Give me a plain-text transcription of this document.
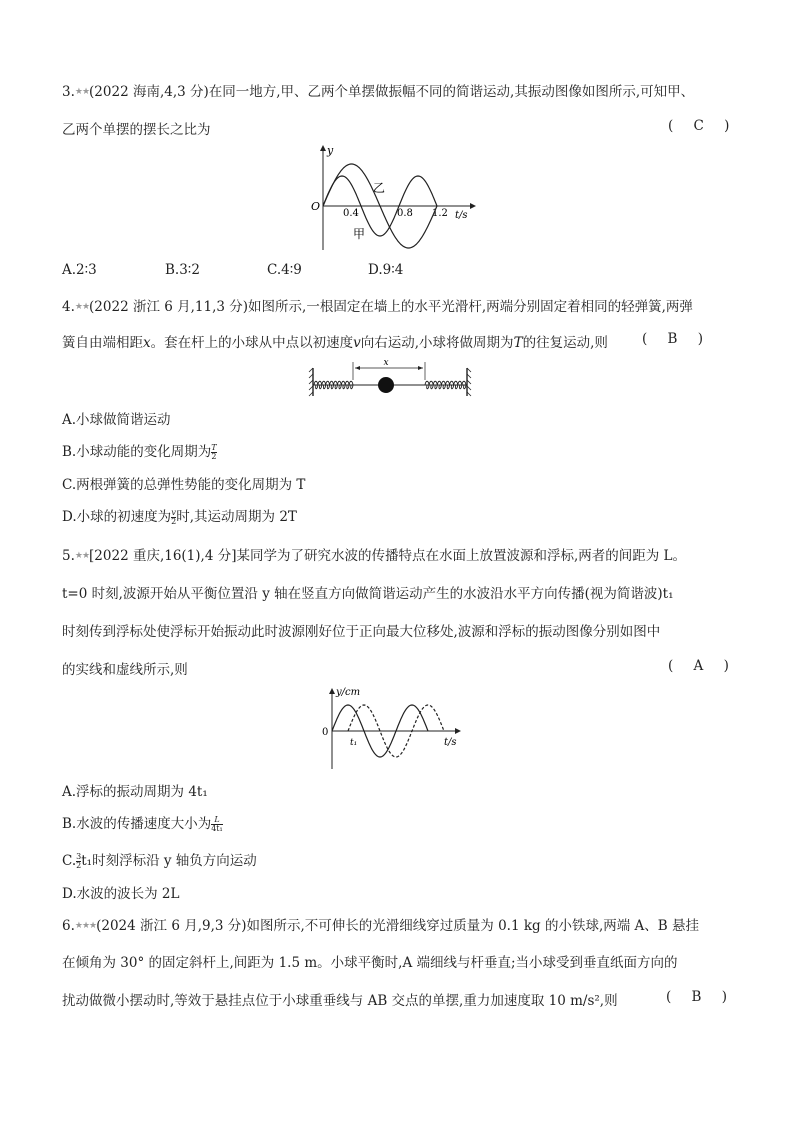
3.★★(2022 海南,4,3 分)在同一地方,甲、乙两个单摆做振幅不同的简谐运动,其振动图像如图所示,可知甲、
乙两个单摆的摆长之比为	( C )
y
O
t/s
0.4	0.8 1.2
乙
甲
A.2∶3	B.3∶2	C.4∶9	D.9∶4
4.★★(2022 浙江 6 月,11,3 分)如图所示,一根固定在墙上的水平光滑杆,两端分别固定着相同的轻弹簧,两弹
簧自由端相距x。套在杆上的小球从中点以初速度v向右运动,小球将做周期为T的往复运动,则	( B )
x
A.小球做简谐运动
B.小球动能的变化周期为 $\frac{T}{2}$
C.两根弹簧的总弹性势能的变化周期为 T
D.小球的初速度为 $\frac{v}{2}$ 时,其运动周期为 2T
5.★★[2022 重庆,16(1),4 分]某同学为了研究水波的传播特点在水面上放置波源和浮标,两者的间距为 L。
t=0 时刻,波源开始从平衡位置沿 y 轴在竖直方向做简谐运动产生的水波沿水平方向传播(视为简谐波)t₁
时刻传到浮标处使浮标开始振动此时波源刚好位于正向最大位移处,波源和浮标的振动图像分别如图中
的实线和虚线所示,则	( A )
y/cm
0
t₁	t/s
A.浮标的振动周期为 4t₁
B.水波的传播速度大小为 $\frac{L}{\text{4t₁}}$
C. $\frac{3}{2} t_1$时刻浮标沿 y 轴负方向运动
D.水波的波长为 2L
6.★★★(2024 浙江 6 月,9,3 分)如图所示,不可伸长的光滑细线穿过质量为 0.1 kg 的小铁球,两端 A、B 悬挂
在倾角为 30° 的固定斜杆上,间距为 1.5 m。小球平衡时,A 端细线与杆垂直;当小球受到垂直纸面方向的
扰动做微小摆动时,等效于悬挂点位于小球重垂线与 AB 交点的单摆,重力加速度取 10 m/s²,则	( B )
